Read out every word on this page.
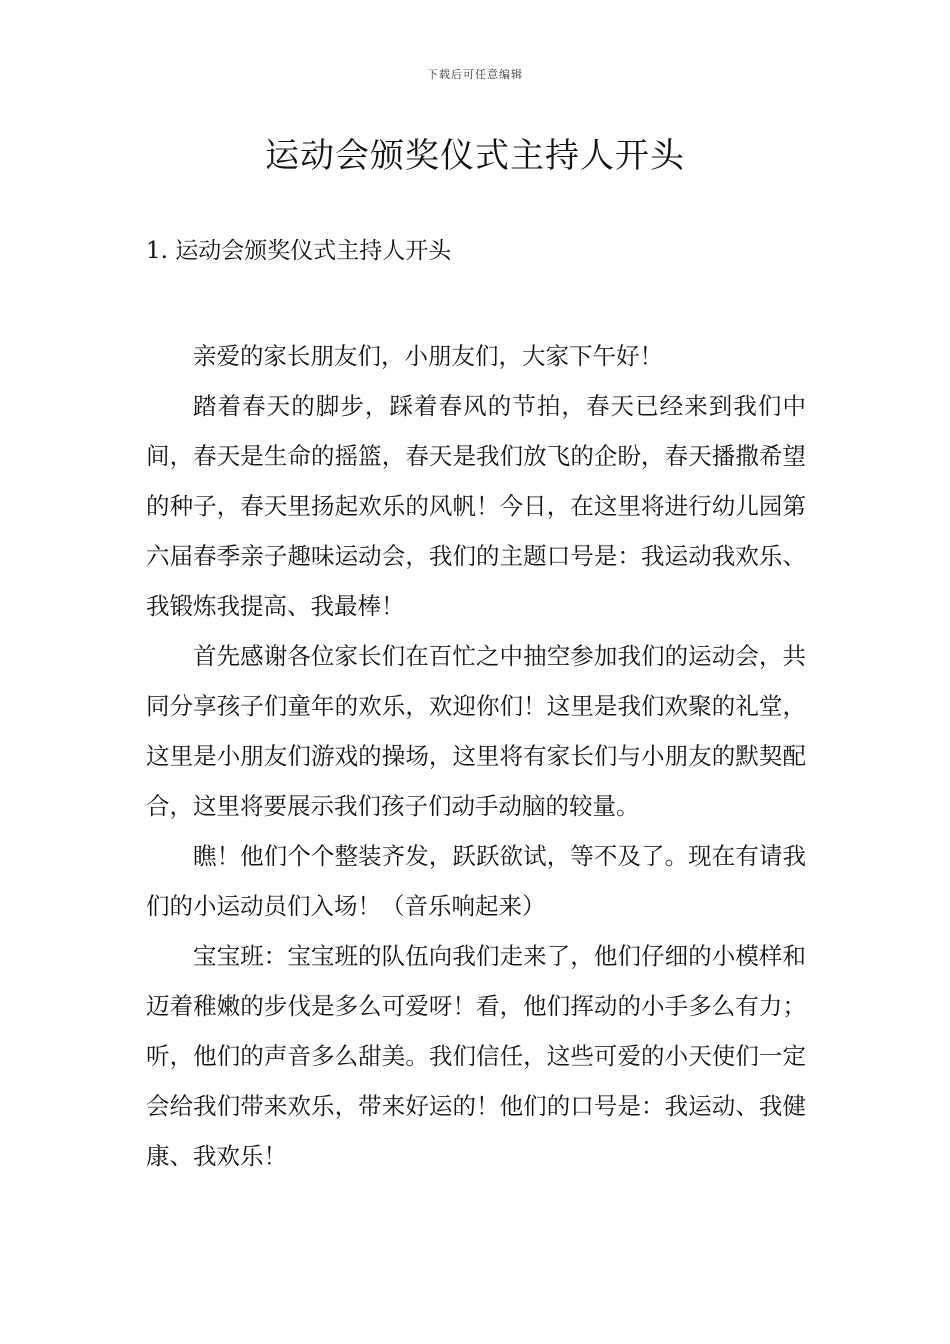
下载后可任意编辑
运动会颁奖仪式主持人开头
1. 运动会颁奖仪式主持人开头

亲爱的家长朋友们，小朋友们，大家下午好！

踏着春天的脚步，踩着春风的节拍，春天已经来到我们中间，春天是生命的摇篮，春天是我们放飞的企盼，春天播撒希望的种子，春天里扬起欢乐的风帆！今日，在这里将进行幼儿园第六届春季亲子趣味运动会，我们的主题口号是：我运动我欢乐、我锻炼我提高、我最棒！

首先感谢各位家长们在百忙之中抽空参加我们的运动会，共同分享孩子们童年的欢乐，欢迎你们！这里是我们欢聚的礼堂，这里是小朋友们游戏的操场，这里将有家长们与小朋友的默契配合，这里将要展示我们孩子们动手动脑的较量。

瞧！他们个个整装齐发，跃跃欲试，等不及了。现在有请我们的小运动员们入场！（音乐响起来）

宝宝班：宝宝班的队伍向我们走来了，他们仔细的小模样和迈着稚嫩的步伐是多么可爱呀！看，他们挥动的小手多么有力；听，他们的声音多么甜美。我们信任，这些可爱的小天使们一定会给我们带来欢乐，带来好运的！他们的口号是：我运动、我健康、我欢乐！
